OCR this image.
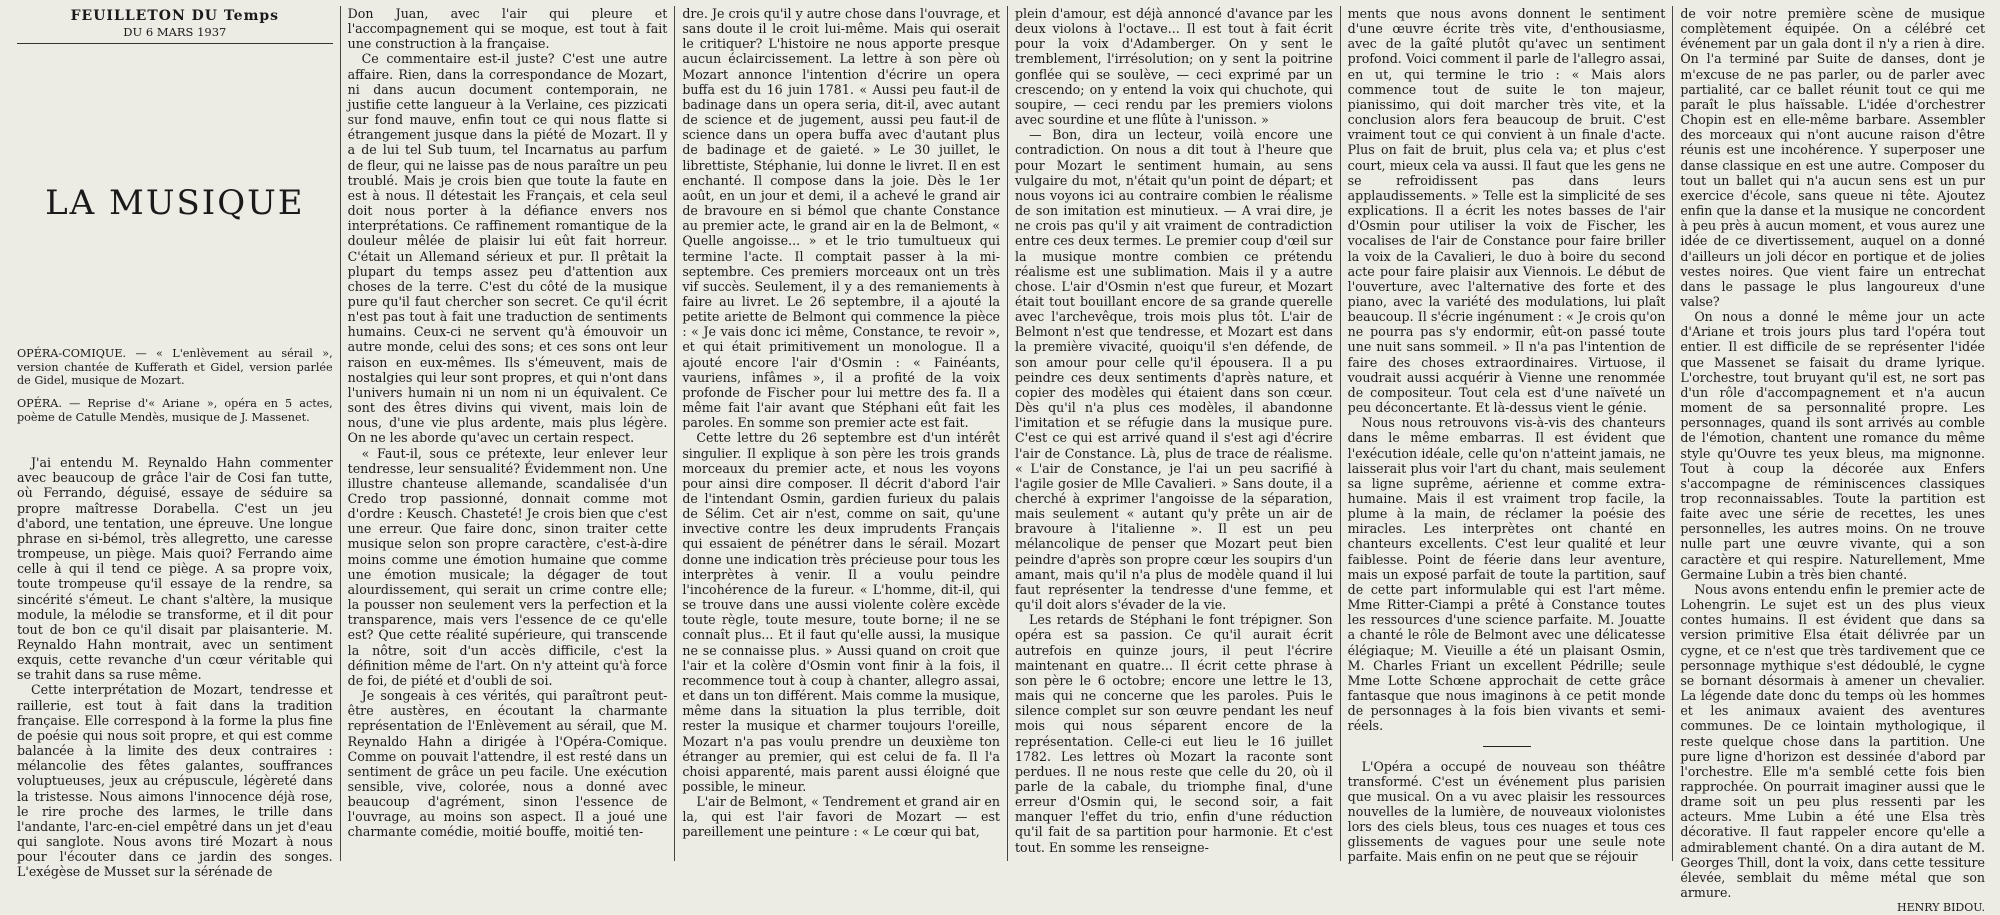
FEUILLETON DU Temps
DU 6 MARS 1937
LA MUSIQUE

OPÉRA-COMIQUE. — « L'enlèvement au sérail », version chantée de Kufferath et Gidel, version parlée de Gidel, musique de Mozart.

OPÉRA. — Reprise d'« Ariane », opéra en 5 actes, poème de Catulle Mendès, musique de J. Massenet.

J'ai entendu M. Reynaldo Hahn commenter avec beaucoup de grâce l'air de Cosi fan tutte, où Ferrando, déguisé, essaye de séduire sa propre maîtresse Dorabella. C'est un jeu d'abord, une tentation, une épreuve. Une longue phrase en si-bémol, très allegretto, une caresse trompeuse, un piège. Mais quoi? Ferrando aime celle à qui il tend ce piège. A sa propre voix, toute trompeuse qu'il essaye de la rendre, sa sincérité s'émeut. Le chant s'altère, la musique module, la mélodie se transforme, et il dit pour tout de bon ce qu'il disait par plaisanterie. M. Reynaldo Hahn montrait, avec un sentiment exquis, cette revanche d'un cœur véritable qui se trahit dans sa ruse même.

Cette interprétation de Mozart, tendresse et raillerie, est tout à fait dans la tradition française. Elle correspond à la forme la plus fine de poésie qui nous soit propre, et qui est comme balancée à la limite des deux contraires : mélancolie des fêtes galantes, souffrances voluptueuses, jeux au crépuscule, légèreté dans la tristesse. Nous aimons l'innocence déjà rose, le rire proche des larmes, le trille dans l'andante, l'arc-en-ciel empêtré dans un jet d'eau qui sanglote. Nous avons tiré Mozart à nous pour l'écouter dans ce jardin des songes. L'exégèse de Musset sur la sérénade de

Don Juan, avec l'air qui pleure et l'accompagnement qui se moque, est tout à fait une construction à la française.

Ce commentaire est-il juste? C'est une autre affaire. Rien, dans la correspondance de Mozart, ni dans aucun document contemporain, ne justifie cette langueur à la Verlaine, ces pizzicati sur fond mauve, enfin tout ce qui nous flatte si étrangement jusque dans la piété de Mozart. Il y a de lui tel Sub tuum, tel Incarnatus au parfum de fleur, qui ne laisse pas de nous paraître un peu troublé. Mais je crois bien que toute la faute en est à nous. Il détestait les Français, et cela seul doit nous porter à la défiance envers nos interprétations. Ce raffinement romantique de la douleur mêlée de plaisir lui eût fait horreur. C'était un Allemand sérieux et pur. Il prêtait la plupart du temps assez peu d'attention aux choses de la terre. C'est du côté de la musique pure qu'il faut chercher son secret. Ce qu'il écrit n'est pas tout à fait une traduction de sentiments humains. Ceux-ci ne servent qu'à émouvoir un autre monde, celui des sons; et ces sons ont leur raison en eux-mêmes. Ils s'émeuvent, mais de nostalgies qui leur sont propres, et qui n'ont dans l'univers humain ni un nom ni un équivalent. Ce sont des êtres divins qui vivent, mais loin de nous, d'une vie plus ardente, mais plus légère. On ne les aborde qu'avec un certain respect.

« Faut-il, sous ce prétexte, leur enlever leur tendresse, leur sensualité? Évidemment non. Une illustre chanteuse allemande, scandalisée d'un Credo trop passionné, donnait comme mot d'ordre : Keusch. Chasteté! Je crois bien que c'est une erreur. Que faire donc, sinon traiter cette musique selon son propre caractère, c'est-à-dire moins comme une émotion humaine que comme une émotion musicale; la dégager de tout alourdissement, qui serait un crime contre elle; la pousser non seulement vers la perfection et la transparence, mais vers l'essence de ce qu'elle est? Que cette réalité supérieure, qui transcende la nôtre, soit d'un accès difficile, c'est la définition même de l'art. On n'y atteint qu'à force de foi, de piété et d'oubli de soi.

Je songeais à ces vérités, qui paraîtront peut-être austères, en écoutant la charmante représentation de l'Enlèvement au sérail, que M. Reynaldo Hahn a dirigée à l'Opéra-Comique. Comme on pouvait l'attendre, il est resté dans un sentiment de grâce un peu facile. Une exécution sensible, vive, colorée, nous a donné avec beaucoup d'agrément, sinon l'essence de l'ouvrage, au moins son aspect. Il a joué une charmante comédie, moitié bouffe, moitié ten-

dre. Je crois qu'il y autre chose dans l'ouvrage, et sans doute il le croit lui-même. Mais qui oserait le critiquer? L'histoire ne nous apporte presque aucun éclaircissement. La lettre à son père où Mozart annonce l'intention d'écrire un opera buffa est du 16 juin 1781. « Aussi peu faut-il de badinage dans un opera seria, dit-il, avec autant de science et de jugement, aussi peu faut-il de science dans un opera buffa avec d'autant plus de badinage et de gaieté. » Le 30 juillet, le librettiste, Stéphanie, lui donne le livret. Il en est enchanté. Il compose dans la joie. Dès le 1er août, en un jour et demi, il a achevé le grand air de bravoure en si bémol que chante Constance au premier acte, le grand air en la de Belmont, « Quelle angoisse... » et le trio tumultueux qui termine l'acte. Il comptait passer à la mi-septembre. Ces premiers morceaux ont un très vif succès. Seulement, il y a des remaniements à faire au livret. Le 26 septembre, il a ajouté la petite ariette de Belmont qui commence la pièce : « Je vais donc ici même, Constance, te revoir », et qui était primitivement un monologue. Il a ajouté encore l'air d'Osmin : « Fainéants, vauriens, infâmes », il a profité de la voix profonde de Fischer pour lui mettre des fa. Il a même fait l'air avant que Stéphani eût fait les paroles. En somme son premier acte est fait.

Cette lettre du 26 septembre est d'un intérêt singulier. Il explique à son père les trois grands morceaux du premier acte, et nous les voyons pour ainsi dire composer. Il décrit d'abord l'air de l'intendant Osmin, gardien furieux du palais de Sélim. Cet air n'est, comme on sait, qu'une invective contre les deux imprudents Français qui essaient de pénétrer dans le sérail. Mozart donne une indication très précieuse pour tous les interprètes à venir. Il a voulu peindre l'incohérence de la fureur. « L'homme, dit-il, qui se trouve dans une aussi violente colère excède toute règle, toute mesure, toute borne; il ne se connaît plus... Et il faut qu'elle aussi, la musique ne se connaisse plus. » Aussi quand on croit que l'air et la colère d'Osmin vont finir à la fois, il recommence tout à coup à chanter, allegro assai, et dans un ton différent. Mais comme la musique, même dans la situation la plus terrible, doit rester la musique et charmer toujours l'oreille, Mozart n'a pas voulu prendre un deuxième ton étranger au premier, qui est celui de fa. Il l'a choisi apparenté, mais parent aussi éloigné que possible, le mineur.

L'air de Belmont, « Tendrement et grand air en la, qui est l'air favori de Mozart — est pareillement une peinture : « Le cœur qui bat,

plein d'amour, est déjà annoncé d'avance par les deux violons à l'octave... Il est tout à fait écrit pour la voix d'Adamberger. On y sent le tremblement, l'irrésolution; on y sent la poitrine gonflée qui se soulève, — ceci exprimé par un crescendo; on y entend la voix qui chuchote, qui soupire, — ceci rendu par les premiers violons avec sourdine et une flûte à l'unisson. »

— Bon, dira un lecteur, voilà encore une contradiction. On nous a dit tout à l'heure que pour Mozart le sentiment humain, au sens vulgaire du mot, n'était qu'un point de départ; et nous voyons ici au contraire combien le réalisme de son imitation est minutieux. — A vrai dire, je ne crois pas qu'il y ait vraiment de contradiction entre ces deux termes. Le premier coup d'œil sur la musique montre combien ce prétendu réalisme est une sublimation. Mais il y a autre chose. L'air d'Osmin n'est que fureur, et Mozart était tout bouillant encore de sa grande querelle avec l'archevêque, trois mois plus tôt. L'air de Belmont n'est que tendresse, et Mozart est dans la première vivacité, quoiqu'il s'en défende, de son amour pour celle qu'il épousera. Il a pu peindre ces deux sentiments d'après nature, et copier des modèles qui étaient dans son cœur. Dès qu'il n'a plus ces modèles, il abandonne l'imitation et se réfugie dans la musique pure. C'est ce qui est arrivé quand il s'est agi d'écrire l'air de Constance. Là, plus de trace de réalisme. « L'air de Constance, je l'ai un peu sacrifié à l'agile gosier de Mlle Cavalieri. » Sans doute, il a cherché à exprimer l'angoisse de la séparation, mais seulement « autant qu'y prête un air de bravoure à l'italienne ». Il est un peu mélancolique de penser que Mozart peut bien peindre d'après son propre cœur les soupirs d'un amant, mais qu'il n'a plus de modèle quand il lui faut représenter la tendresse d'une femme, et qu'il doit alors s'évader de la vie.

Les retards de Stéphani le font trépigner. Son opéra est sa passion. Ce qu'il aurait écrit autrefois en quinze jours, il peut l'écrire maintenant en quatre... Il écrit cette phrase à son père le 6 octobre; encore une lettre le 13, mais qui ne concerne que les paroles. Puis le silence complet sur son œuvre pendant les neuf mois qui nous séparent encore de la représentation. Celle-ci eut lieu le 16 juillet 1782. Les lettres où Mozart la raconte sont perdues. Il ne nous reste que celle du 20, où il parle de la cabale, du triomphe final, d'une erreur d'Osmin qui, le second soir, a fait manquer l'effet du trio, enfin d'une réduction qu'il fait de sa partition pour harmonie. Et c'est tout. En somme les renseigne-

ments que nous avons donnent le sentiment d'une œuvre écrite très vite, d'enthousiasme, avec de la gaîté plutôt qu'avec un sentiment profond. Voici comment il parle de l'allegro assai, en ut, qui termine le trio : « Mais alors commence tout de suite le ton majeur, pianissimo, qui doit marcher très vite, et la conclusion alors fera beaucoup de bruit. C'est vraiment tout ce qui convient à un finale d'acte. Plus on fait de bruit, plus cela va; et plus c'est court, mieux cela va aussi. Il faut que les gens ne se refroidissent pas dans leurs applaudissements. » Telle est la simplicité de ses explications. Il a écrit les notes basses de l'air d'Osmin pour utiliser la voix de Fischer, les vocalises de l'air de Constance pour faire briller la voix de la Cavalieri, le duo à boire du second acte pour faire plaisir aux Viennois. Le début de l'ouverture, avec l'alternative des forte et des piano, avec la variété des modulations, lui plaît beaucoup. Il s'écrie ingénument : « Je crois qu'on ne pourra pas s'y endormir, eût-on passé toute une nuit sans sommeil. » Il n'a pas l'intention de faire des choses extraordinaires. Virtuose, il voudrait aussi acquérir à Vienne une renommée de compositeur. Tout cela est d'une naïveté un peu déconcertante. Et là-dessus vient le génie.

Nous nous retrouvons vis-à-vis des chanteurs dans le même embarras. Il est évident que l'exécution idéale, celle qu'on n'atteint jamais, ne laisserait plus voir l'art du chant, mais seulement sa ligne suprême, aérienne et comme extra-humaine. Mais il est vraiment trop facile, la plume à la main, de réclamer la poésie des miracles. Les interprètes ont chanté en chanteurs excellents. C'est leur qualité et leur faiblesse. Point de féerie dans leur aventure, mais un exposé parfait de toute la partition, sauf de cette part informulable qui est l'art même. Mme Ritter-Ciampi a prêté à Constance toutes les ressources d'une science parfaite. M. Jouatte a chanté le rôle de Belmont avec une délicatesse élégiaque; M. Vieuille a été un plaisant Osmin, M. Charles Friant un excellent Pédrille; seule Mme Lotte Schœne approchait de cette grâce fantasque que nous imaginons à ce petit monde de personnages à la fois bien vivants et semi-réels.

L'Opéra a occupé de nouveau son théâtre transformé. C'est un événement plus parisien que musical. On a vu avec plaisir les ressources nouvelles de la lumière, de nouveaux violonistes lors des ciels bleus, tous ces nuages et tous ces glissements de vagues pour une seule note parfaite. Mais enfin on ne peut que se réjouir

de voir notre première scène de musique complètement équipée. On a célébré cet événement par un gala dont il n'y a rien à dire. On l'a terminé par Suite de danses, dont je m'excuse de ne pas parler, ou de parler avec partialité, car ce ballet réunit tout ce qui me paraît le plus haïssable. L'idée d'orchestrer Chopin est en elle-même barbare. Assembler des morceaux qui n'ont aucune raison d'être réunis est une incohérence. Y superposer une danse classique en est une autre. Composer du tout un ballet qui n'a aucun sens est un pur exercice d'école, sans queue ni tête. Ajoutez enfin que la danse et la musique ne concordent à peu près à aucun moment, et vous aurez une idée de ce divertissement, auquel on a donné d'ailleurs un joli décor en portique et de jolies vestes noires. Que vient faire un entrechat dans le passage le plus langoureux d'une valse?

On nous a donné le même jour un acte d'Ariane et trois jours plus tard l'opéra tout entier. Il est difficile de se représenter l'idée que Massenet se faisait du drame lyrique. L'orchestre, tout bruyant qu'il est, ne sort pas d'un rôle d'accompagnement et n'a aucun moment de sa personnalité propre. Les personnages, quand ils sont arrivés au comble de l'émotion, chantent une romance du même style qu'Ouvre tes yeux bleus, ma mignonne. Tout à coup la décorée aux Enfers s'accompagne de réminiscences classiques trop reconnaissables. Toute la partition est faite avec une série de recettes, les unes personnelles, les autres moins. On ne trouve nulle part une œuvre vivante, qui a son caractère et qui respire. Naturellement, Mme Germaine Lubin a très bien chanté.

Nous avons entendu enfin le premier acte de Lohengrin. Le sujet est un des plus vieux contes humains. Il est évident que dans sa version primitive Elsa était délivrée par un cygne, et ce n'est que très tardivement que ce personnage mythique s'est dédoublé, le cygne se bornant désormais à amener un chevalier. La légende date donc du temps où les hommes et les animaux avaient des aventures communes. De ce lointain mythologique, il reste quelque chose dans la partition. Une pure ligne d'horizon est dessinée d'abord par l'orchestre. Elle m'a semblé cette fois bien rapprochée. On pourrait imaginer aussi que le drame soit un peu plus ressenti par les acteurs. Mme Lubin a été une Elsa très décorative. Il faut rappeler encore qu'elle a admirablement chanté. On a dira autant de M. Georges Thill, dont la voix, dans cette tessiture élevée, semblait du même métal que son armure.

HENRY BIDOU.
